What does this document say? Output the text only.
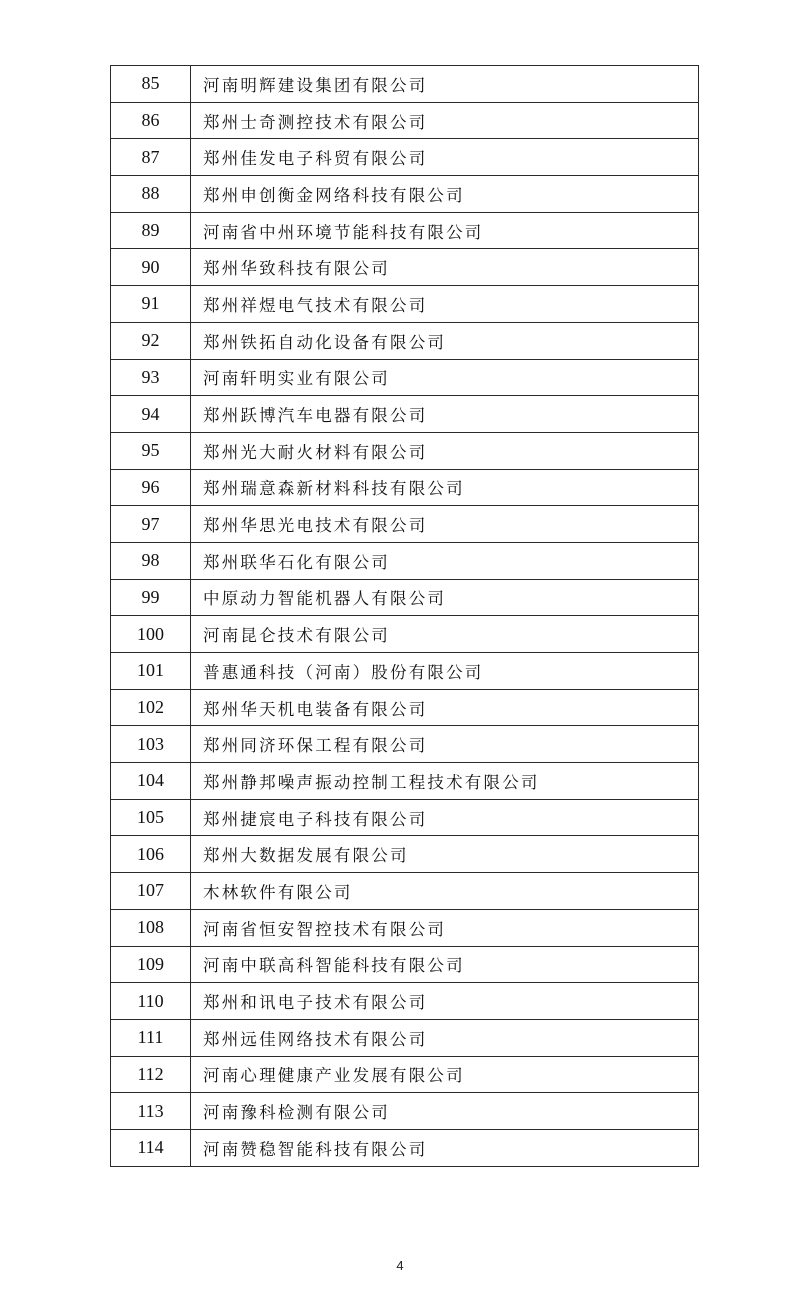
85	河南明辉建设集团有限公司
86	郑州士奇测控技术有限公司
87	郑州佳发电子科贸有限公司
88	郑州申创衡金网络科技有限公司
89	河南省中州环境节能科技有限公司
90	郑州华致科技有限公司
91	郑州祥煜电气技术有限公司
92	郑州铁拓自动化设备有限公司
93	河南轩明实业有限公司
94	郑州跃博汽车电器有限公司
95	郑州光大耐火材料有限公司
96	郑州瑞意森新材料科技有限公司
97	郑州华思光电技术有限公司
98	郑州联华石化有限公司
99	中原动力智能机器人有限公司
100	河南昆仑技术有限公司
101	普惠通科技（河南）股份有限公司
102	郑州华天机电装备有限公司
103	郑州同济环保工程有限公司
104	郑州静邦噪声振动控制工程技术有限公司
105	郑州捷宸电子科技有限公司
106	郑州大数据发展有限公司
107	木林软件有限公司
108	河南省恒安智控技术有限公司
109	河南中联高科智能科技有限公司
110	郑州和讯电子技术有限公司
111	郑州远佳网络技术有限公司
112	河南心理健康产业发展有限公司
113	河南豫科检测有限公司
114	河南赞稳智能科技有限公司
4
